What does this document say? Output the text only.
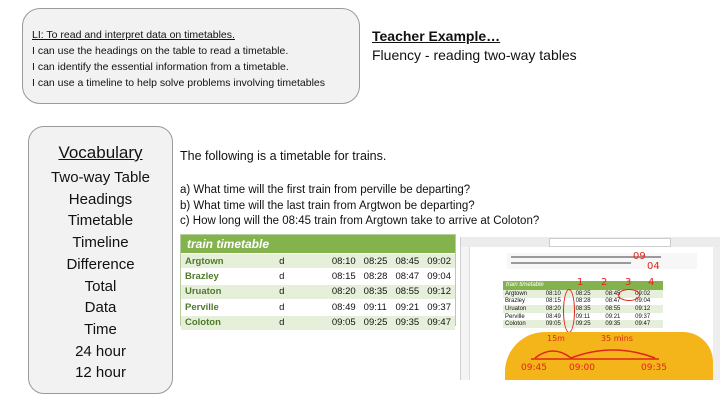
LI: To read and interpret data on timetables.
I can use the headings on the table to read a timetable.
I can identify the essential information from a timetable.
I can use a timeline to help solve problems involving timetables
Teacher Example…
Fluency - reading two-way tables
Vocabulary
Two-way Table
Headings
Timetable
Timeline
Difference
Total
Data
Time
24 hour
12 hour
The following is a timetable for trains.
a) What time will the first train from perville be departing?
b) What time will the last train from Argtwon be departing?
c) How long will the 08:45 train from Argtown take to arrive at Coloton?
train timetable
Argtown	d	08:10	08:25	08:45	09:02
Brazley	d	08:15	08:28	08:47	09:04
Uruaton	d	08:20	08:35	08:55	09:12
Perville	d	08:49	09:11	09:21	09:37
Coloton	d	09:05	09:25	09:35	09:47
09
04
train timetable
Argtown	08:10	08:25	08:45	09:02
Brazley	08:15	08:28	08:47	09:04
Uruaton	08:20	08:35	08:55	09:12
Perville	08:49	09:11	09:21	09:37
Coloton	09:05	09:25	09:35	09:47
1 2 3 4
15m	35 mins
09:45 09:00	09:35
